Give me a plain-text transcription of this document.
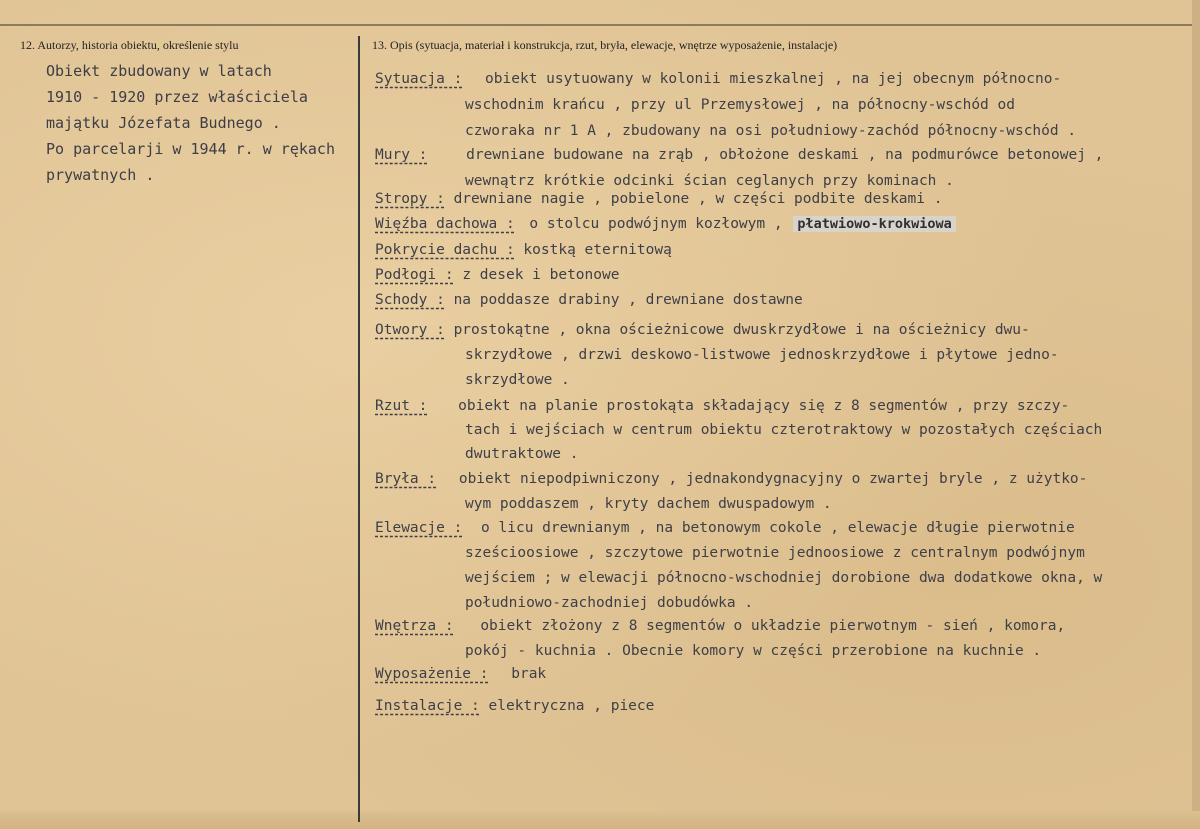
12. Autorzy, historia obiektu, określenie stylu	13. Opis (sytuacja, materiał i konstrukcja, rzut, bryła, elewacje, wnętrze wyposażenie, instalacje)
Obiekt zbudowany w latach
1910 - 1920 przez właściciela
majątku Józefata Budnego .
Po parcelarji w 1944 r. w rękach
prywatnych .
Sytuacja : obiekt usytuowany w kolonii mieszkalnej , na jej obecnym północno-
wschodnim krańcu , przy ul Przemysłowej , na północny-wschód od
czworaka nr 1 A , zbudowany na osi południowy-zachód północny-wschód .
Mury :	drewniane budowane na zrąb , obłożone deskami , na podmurówce betonowej ,
wewnątrz krótkie odcinki ścian ceglanych przy kominach .
Stropy : drewniane nagie , pobielone , w części podbite deskami .
Więźba dachowa : o stolcu podwójnym kozłowym , płatwiowo-krokwiowa
Pokrycie dachu : kostką eternitową
Podłogi : z desek i betonowe
Schody : na poddasze drabiny , drewniane dostawne
Otwory : prostokątne , okna ościeżnicowe dwuskrzydłowe i na ościeżnicy dwu-
skrzydłowe , drzwi deskowo-listwowe jednoskrzydłowe i płytowe jedno-
skrzydłowe .
Rzut : obiekt na planie prostokąta składający się z 8 segmentów , przy szczy-
tach i wejściach w centrum obiektu czterotraktowy w pozostałych częściach
dwutraktowe .
Bryła : obiekt niepodpiwniczony , jednakondygnacyjny o zwartej bryle , z użytko-
wym poddaszem , kryty dachem dwuspadowym .
Elewacje : o licu drewnianym , na betonowym cokole , elewacje długie pierwotnie
sześcioosiowe , szczytowe pierwotnie jednoosiowe z centralnym podwójnym
wejściem ; w elewacji północno-wschodniej dorobione dwa dodatkowe okna, w
południowo-zachodniej dobudówka .
Wnętrza : obiekt złożony z 8 segmentów o układzie pierwotnym - sień , komora,
pokój - kuchnia . Obecnie komory w części przerobione na kuchnie .
Wyposażenie : brak
Instalacje : elektryczna , piece
